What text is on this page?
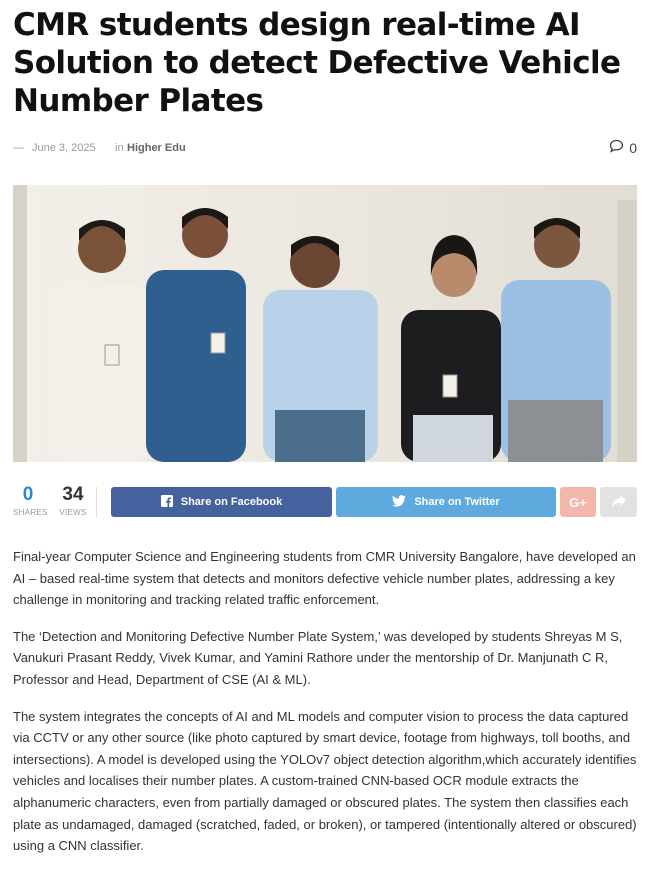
CMR students design real-time AI Solution to detect Defective Vehicle Number Plates
— June 3, 2025 in Higher Edu	0
0
SHARES
34
VIEWS
Share on Facebook	Share on Twitter	G+

Final-year Computer Science and Engineering students from CMR University Bangalore, have developed an AI – based real-time system that detects and monitors defective vehicle number plates, addressing a key challenge in monitoring and tracking related traffic enforcement.

The ‘Detection and Monitoring Defective Number Plate System,’ was developed by students Shreyas M S, Vanukuri Prasant Reddy, Vivek Kumar, and Yamini Rathore under the mentorship of Dr. Manjunath C R, Professor and Head, Department of CSE (AI & ML).

The system integrates the concepts of AI and ML models and computer vision to process the data captured via CCTV or any other source (like photo captured by smart device, footage from highways, toll booths, and intersections). A model is developed using the YOLOv7 object detection algorithm,which accurately identifies vehicles and localises their number plates. A custom-trained CNN-based OCR module extracts the alphanumeric characters, even from partially damaged or obscured plates. The system then classifies each plate as undamaged, damaged (scratched, faded, or broken), or tampered (intentionally altered or obscured) using a CNN classifier.
